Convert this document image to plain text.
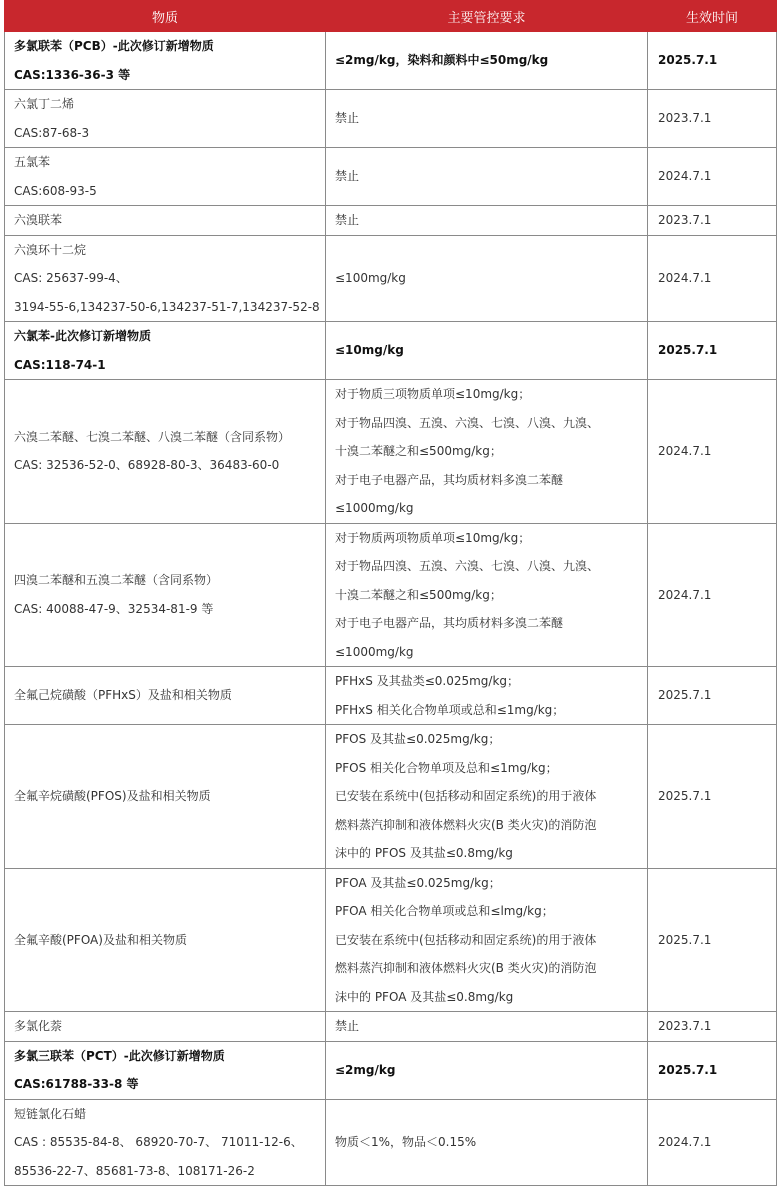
物质	主要管控要求	生效时间

多氯联苯（PCB）-此次修订新增物质
CAS:1336-36-3 等	≤2mg/kg，染料和颜料中≤50mg/kg	2025.7.1

六氯丁二烯
CAS:87-68-3	禁止	2023.7.1

五氯苯
CAS:608-93-5	禁止	2024.7.1

六溴联苯	禁止	2023.7.1

六溴环十二烷
CAS: 25637-99-4、
3194-55-6,134237-50-6,134237-51-7,134237-52-8	≤100mg/kg	2024.7.1

六氯苯-此次修订新增物质
CAS:118-74-1	≤10mg/kg	2025.7.1

六溴二苯醚、七溴二苯醚、八溴二苯醚（含同系物）
CAS: 32536-52-0、68928-80-3、36483-60-0	对于物质三项物质单项≤10mg/kg；
对于物品四溴、五溴、六溴、七溴、八溴、九溴、
十溴二苯醚之和≤500mg/kg；
对于电子电器产品，其均质材料多溴二苯醚
≤1000mg/kg	2024.7.1

四溴二苯醚和五溴二苯醚（含同系物）
CAS: 40088-47-9、32534-81-9 等	对于物质两项物质单项≤10mg/kg；
对于物品四溴、五溴、六溴、七溴、八溴、九溴、
十溴二苯醚之和≤500mg/kg；
对于电子电器产品，其均质材料多溴二苯醚
≤1000mg/kg	2024.7.1

全氟己烷磺酸（PFHxS）及盐和相关物质	PFHxS 及其盐类≤0.025mg/kg；
PFHxS 相关化合物单项或总和≤1mg/kg；	2025.7.1

全氟辛烷磺酸(PFOS)及盐和相关物质	PFOS 及其盐≤0.025mg/kg；
PFOS 相关化合物单项及总和≤1mg/kg；
已安装在系统中(包括移动和固定系统)的用于液体
燃料蒸汽抑制和液体燃料火灾(B 类火灾)的消防泡
沫中的 PFOS 及其盐≤0.8mg/kg	2025.7.1

全氟辛酸(PFOA)及盐和相关物质	PFOA 及其盐≤0.025mg/kg；
PFOA 相关化合物单项或总和≤lmg/kg；
已安装在系统中(包括移动和固定系统)的用于液体
燃料蒸汽抑制和液体燃料火灾(B 类火灾)的消防泡
沫中的 PFOA 及其盐≤0.8mg/kg	2025.7.1

多氯化萘	禁止	2023.7.1

多氯三联苯（PCT）-此次修订新增物质
CAS:61788-33-8 等	≤2mg/kg	2025.7.1

短链氯化石蜡
CAS : 85535-84-8、 68920-70-7、 71011-12-6、
85536-22-7、85681-73-8、108171-26-2	物质＜1%，物品＜0.15%	2024.7.1
